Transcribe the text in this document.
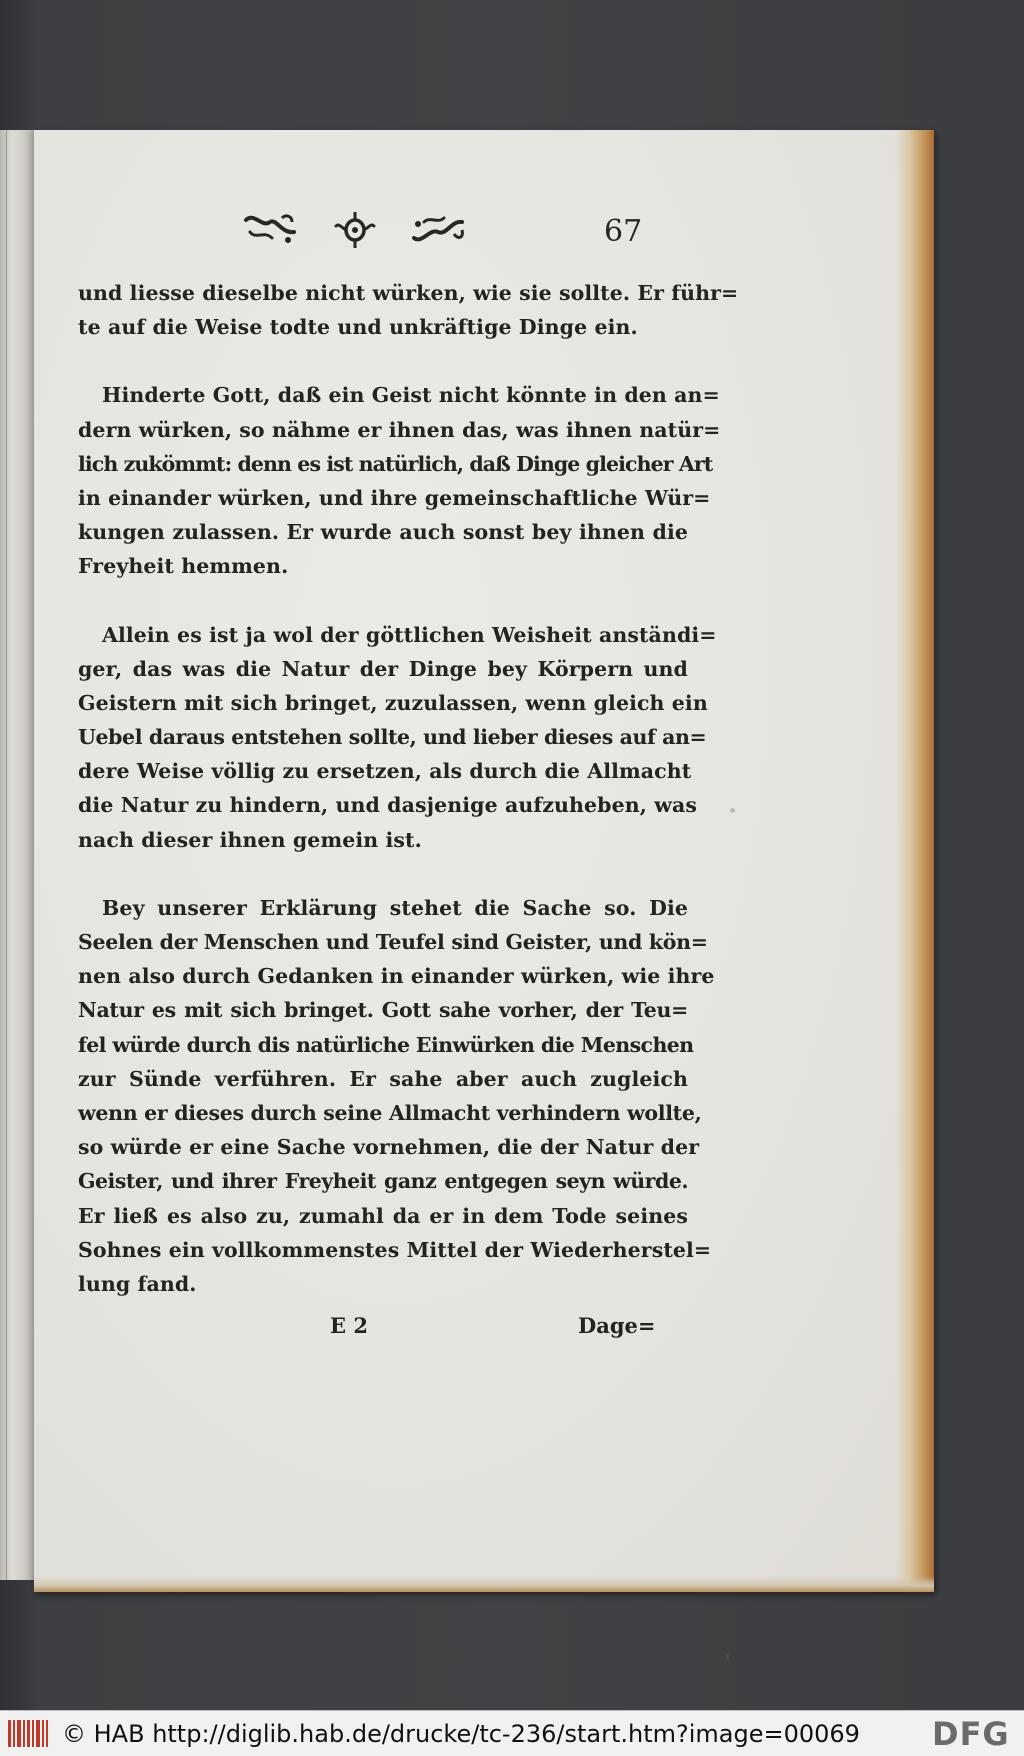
67

und liesse dieselbe nicht würken, wie sie sollte. Er führ=
te auf die Weise todte und unkräftige Dinge ein.

Hinderte Gott, daß ein Geist nicht könnte in den an=
dern würken, so nähme er ihnen das, was ihnen natür=
lich zukömmt: denn es ist natürlich, daß Dinge gleicher Art
in einander würken, und ihre gemeinschaftliche Wür=
kungen zulassen. Er wurde auch sonst bey ihnen die
Freyheit hemmen.

Allein es ist ja wol der göttlichen Weisheit anständi=
ger, das was die Natur der Dinge bey Körpern und
Geistern mit sich bringet, zuzulassen, wenn gleich ein
Uebel daraus entstehen sollte, und lieber dieses auf an=
dere Weise völlig zu ersetzen, als durch die Allmacht
die Natur zu hindern, und dasjenige aufzuheben, was
nach dieser ihnen gemein ist.

Bey unserer Erklärung stehet die Sache so. Die
Seelen der Menschen und Teufel sind Geister, und kön=
nen also durch Gedanken in einander würken, wie ihre
Natur es mit sich bringet. Gott sahe vorher, der Teu=
fel würde durch dis natürliche Einwürken die Menschen
zur Sünde verführen. Er sahe aber auch zugleich
wenn er dieses durch seine Allmacht verhindern wollte,
so würde er eine Sache vornehmen, die der Natur der
Geister, und ihrer Freyheit ganz entgegen seyn würde.
Er ließ es also zu, zumahl da er in dem Tode seines
Sohnes ein vollkommenstes Mittel der Wiederherstel=
lung fand.

E 2	Dage=
© HAB http://diglib.hab.de/drucke/tc-236/start.htm?image=00069 DFG
